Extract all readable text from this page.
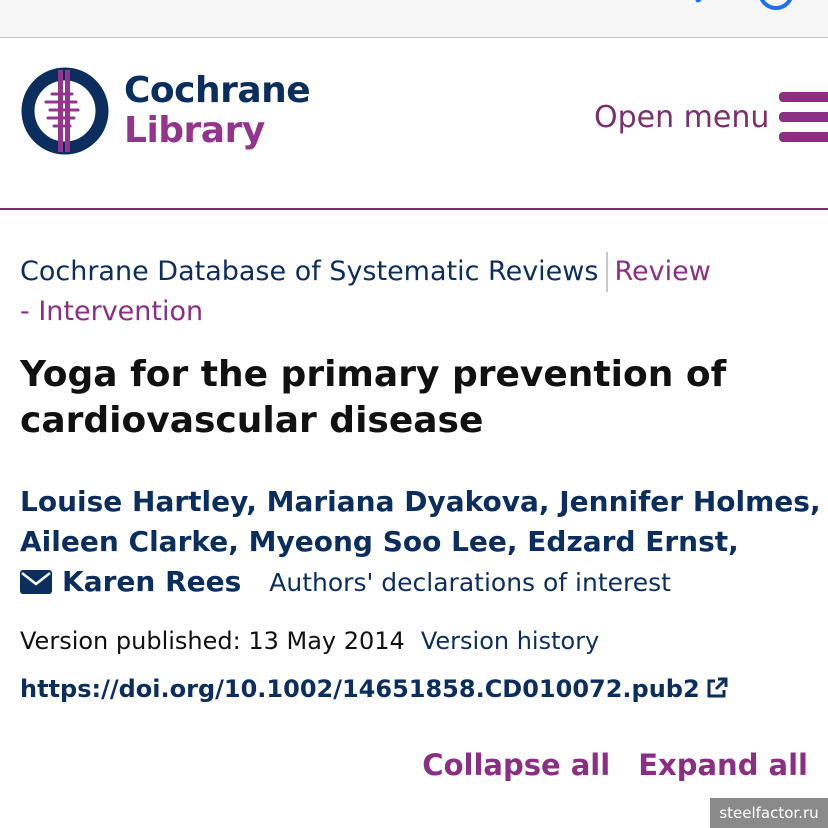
Cochrane
Library	Open menu
Cochrane Database of Systematic Reviews Review - Intervention
Yoga for the primary prevention of cardiovascular disease
Louise Hartley, Mariana Dyakova, Jennifer Holmes,
Aileen Clarke, Myeong Soo Lee, Edzard Ernst,
Karen Rees Authors' declarations of interest
Version published: 13 May 2014 Version history
https://doi.org/10.1002/14651858.CD010072.pub2
Collapse all Expand all
steelfactor.ru
